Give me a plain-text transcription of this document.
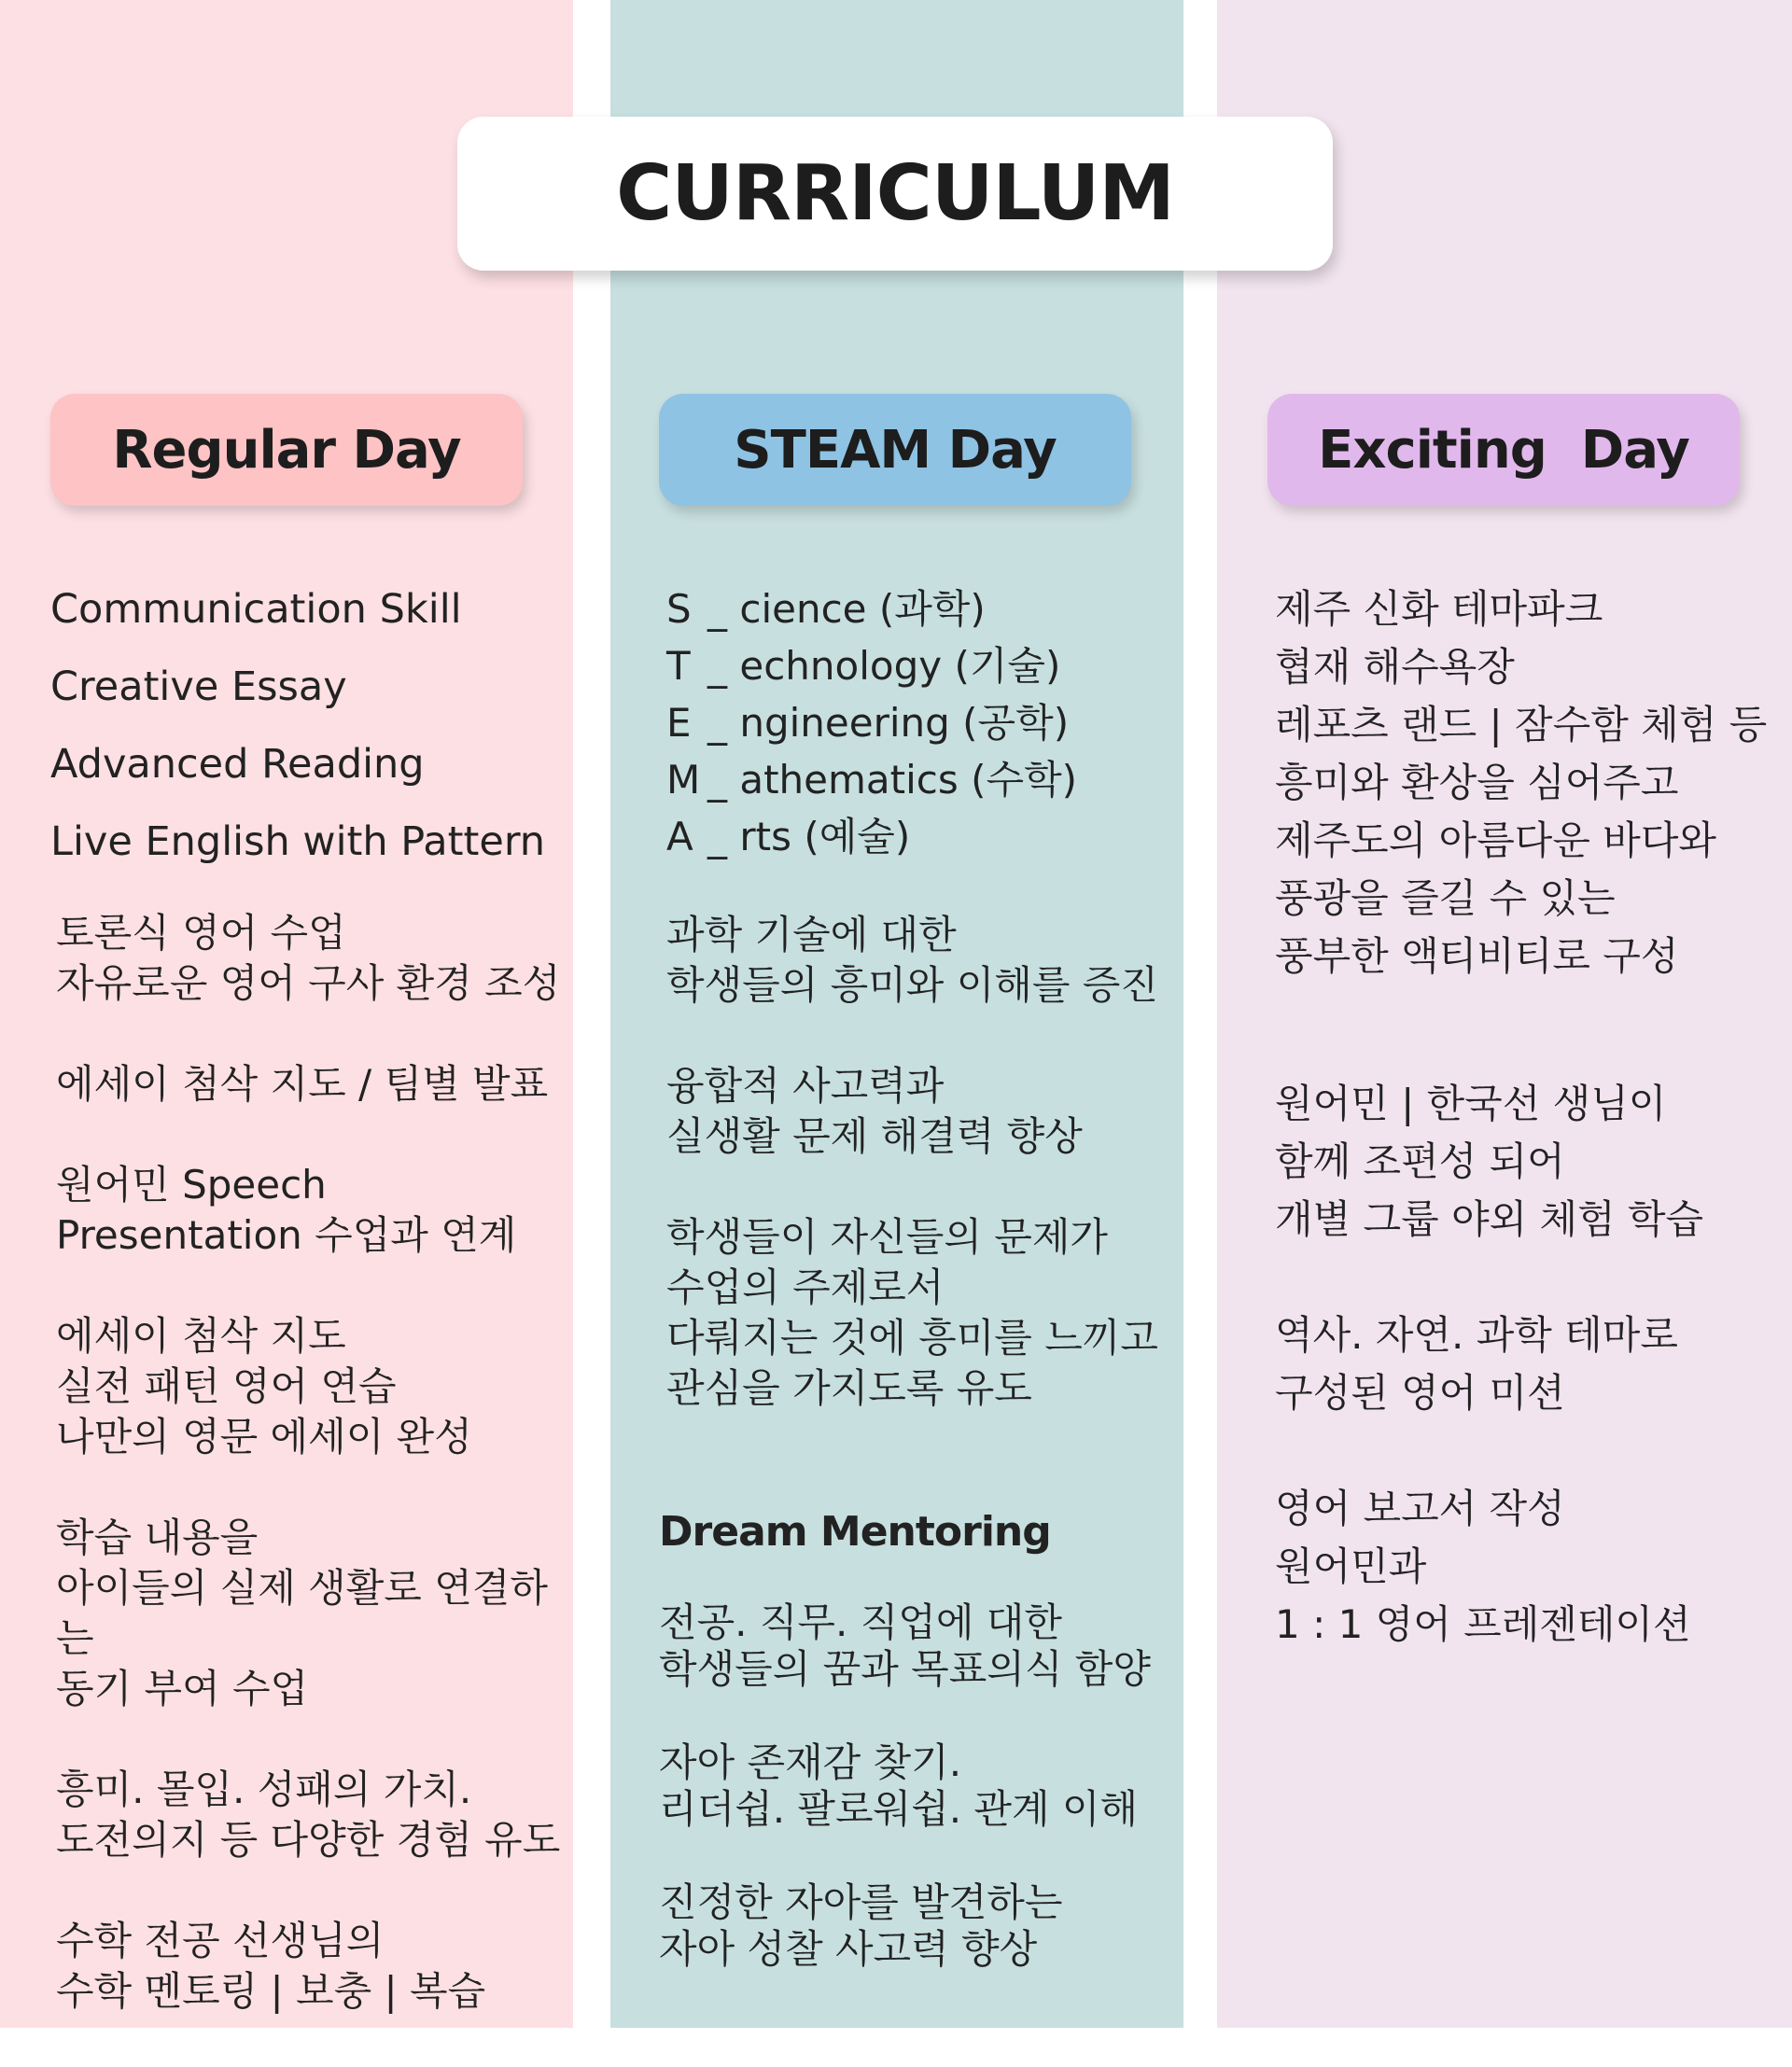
CURRICULUM
Regular Day	STEAM Day	Exciting  Day

Communication Skill

Creative Essay

Advanced Reading

Live English with Pattern

토론식 영어 수업
자유로운 영어 구사 환경 조성

에세이 첨삭 지도 / 팀별 발표

원어민 Speech
Presentation 수업과 연계

에세이 첨삭 지도
실전 패턴 영어 연습
나만의 영문 에세이 완성

학습 내용을
아이들의 실제 생활로 연결하는
동기 부여 수업

흥미. 몰입. 성패의 가치.
도전의지 등 다양한 경험 유도

수학 전공 선생님의
수학 멘토링 | 보충 | 복습

S _ cience (과학)
T _ echnology (기술)
E _ ngineering (공학)
M _ athematics (수학)
A _ rts (예술)

과학 기술에 대한
학생들의 흥미와 이해를 증진

융합적 사고력과
실생활 문제 해결력 향상

학생들이 자신들의 문제가
수업의 주제로서
다뤄지는 것에 흥미를 느끼고
관심을 가지도록 유도

Dream Mentoring

전공. 직무. 직업에 대한
학생들의 꿈과 목표의식 함양

자아 존재감 찾기.
리더쉽. 팔로워쉽. 관계 이해

진정한 자아를 발견하는
자아 성찰 사고력 향상

제주 신화 테마파크
협재 해수욕장
레포츠 랜드 | 잠수함 체험 등
흥미와 환상을 심어주고
제주도의 아름다운 바다와
풍광을 즐길 수 있는
풍부한 액티비티로 구성

원어민 | 한국선 생님이
함께 조편성 되어
개별 그룹 야외 체험 학습

역사. 자연. 과학 테마로
구성된 영어 미션

영어 보고서 작성
원어민과
1 : 1 영어 프레젠테이션
